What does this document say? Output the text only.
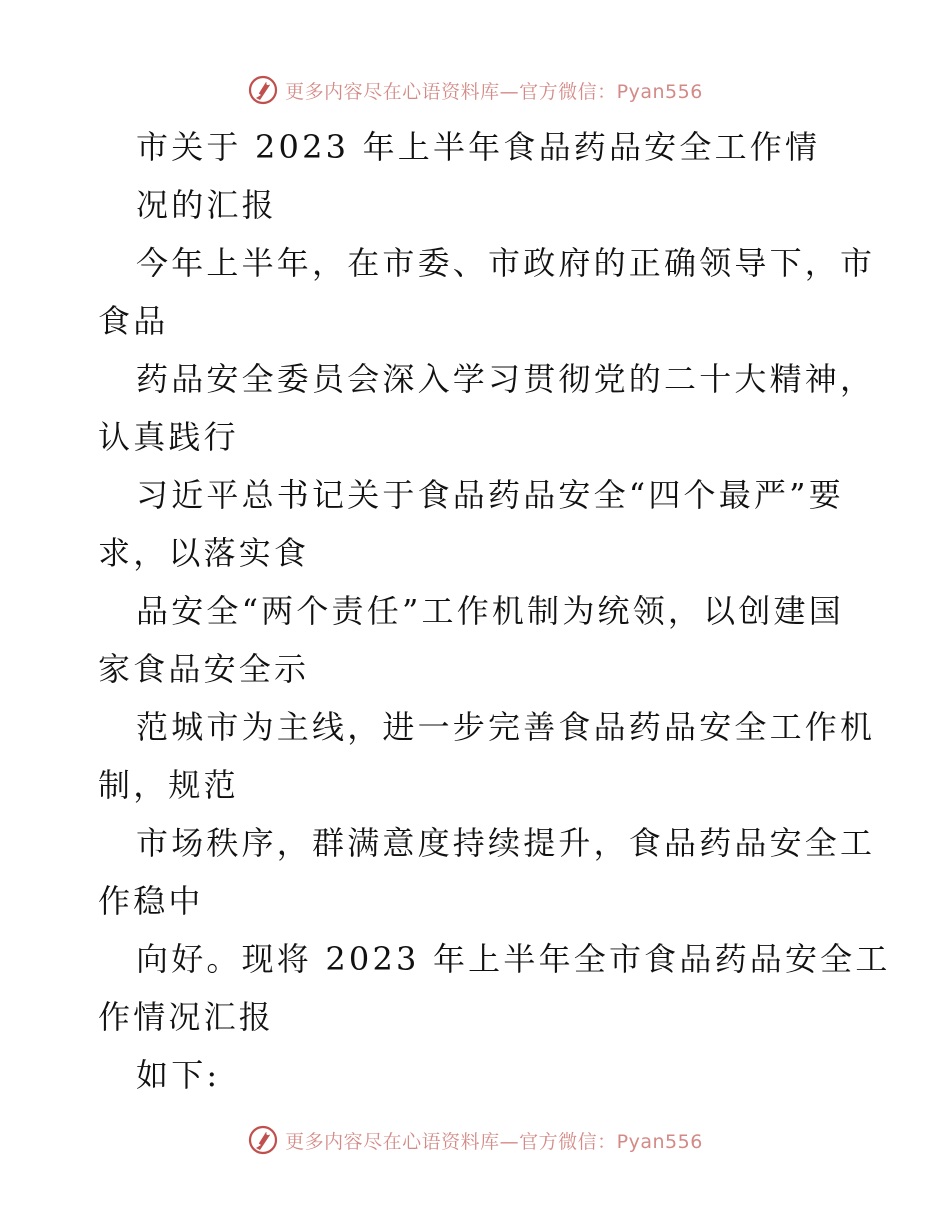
更多内容尽在心语资料库—官方微信：Pyan556
市关于 2023 年上半年食品药品安全工作情
况的汇报
今年上半年，在市委、市政府的正确领导下，市
食品
药品安全委员会深入学习贯彻党的二十大精神，
认真践行
习近平总书记关于食品药品安全“四个最严”要
求，以落实食
品安全“两个责任”工作机制为统领，以创建国
家食品安全示
范城市为主线，进一步完善食品药品安全工作机
制，规范
市场秩序，群满意度持续提升，食品药品安全工
作稳中
向好。现将 2023 年上半年全市食品药品安全工
作情况汇报
如下:
更多内容尽在心语资料库—官方微信：Pyan556
